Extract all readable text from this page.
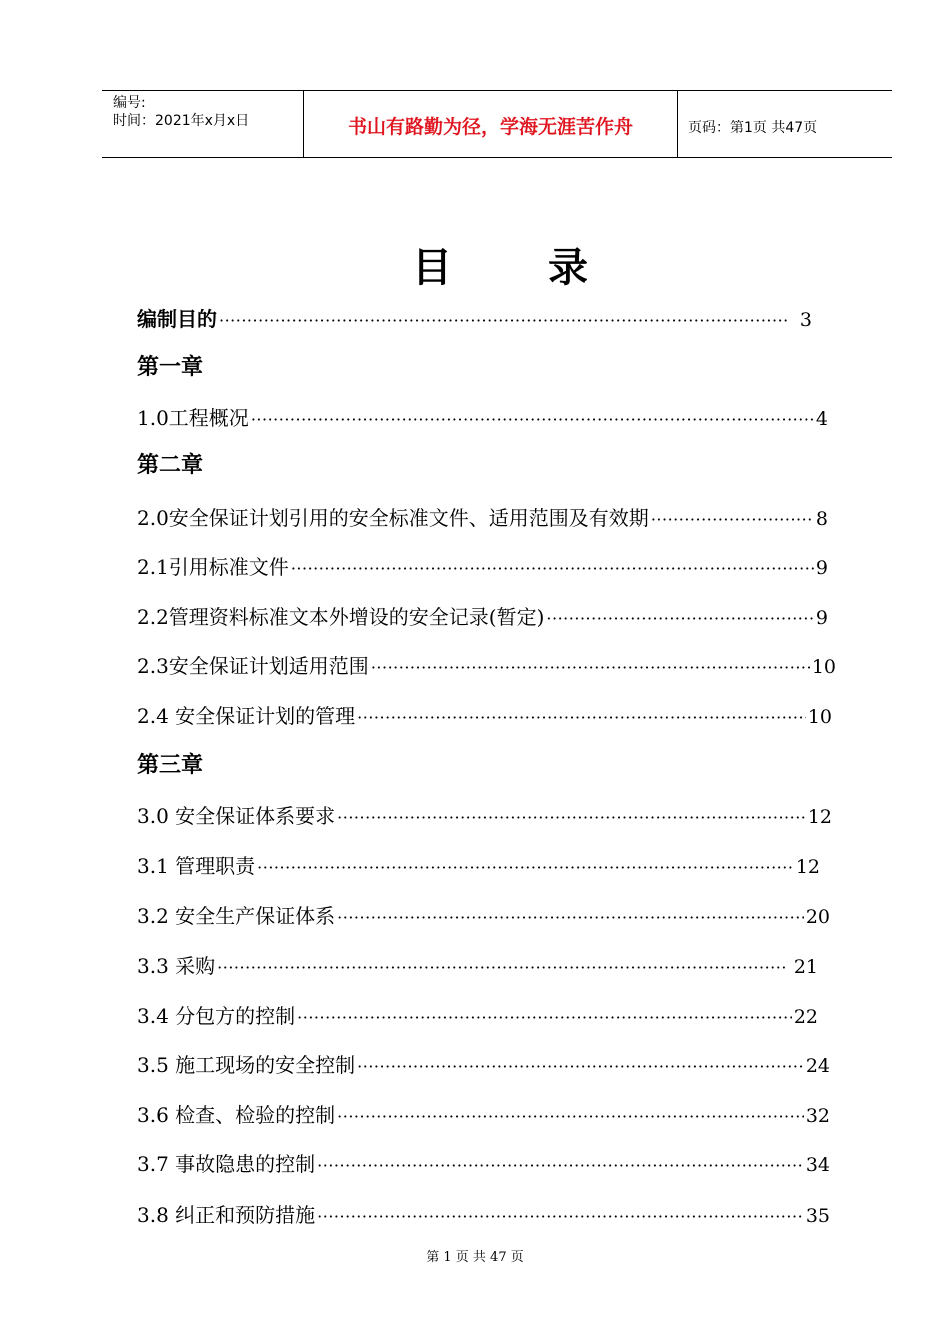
编号:
时间：2021年x月x日	书山有路勤为径，学海无涯苦作舟	页码：第1页 共47页
目录
编制目的 ·····	3
第一章
1.0工程概况 ·····	4
第二章
2.0安全保证计划引用的安全标准文件、适用范围及有效期 ·····	8
2.1引用标准文件 ·····	9
2.2管理资料标准文本外增设的安全记录(暂定) ·····	9
2.3安全保证计划适用范围 ·····	10
2.4 安全保证计划的管理 ·····	10
第三章
3.0 安全保证体系要求 ·····	12
3.1 管理职责 ·····	12
3.2 安全生产保证体系 ·····	20
3.3 采购 ·····	21
3.4 分包方的控制 ·····	22
3.5 施工现场的安全控制 ·····	24
3.6 检查、检验的控制 ·····	32
3.7 事故隐患的控制 ·····	34
3.8 纠正和预防措施 ·····	35
第 1 页 共 47 页
